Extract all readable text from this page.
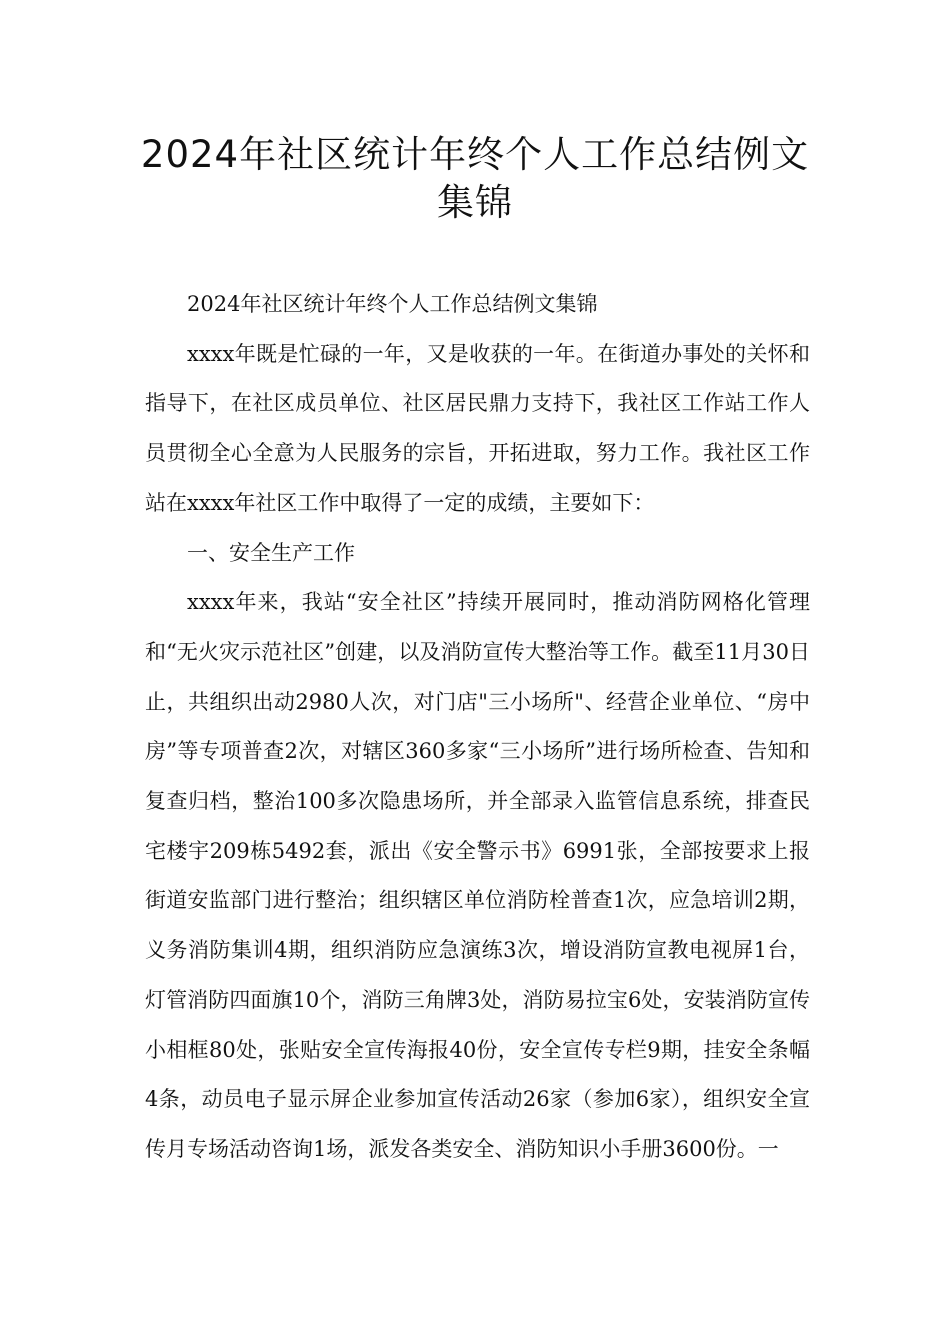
2024年社区统计年终个人工作总结例文
集锦

2024年社区统计年终个人工作总结例文集锦

xxxx年既是忙碌的一年，又是收获的一年。在街道办事处的关怀和指导下，在社区成员单位、社区居民鼎力支持下，我社区工作站工作人员贯彻全心全意为人民服务的宗旨，开拓进取，努力工作。我社区工作站在xxxx年社区工作中取得了一定的成绩，主要如下：

一、安全生产工作

xxxx年来，我站“安全社区”持续开展同时，推动消防网格化管理和“无火灾示范社区”创建，以及消防宣传大整治等工作。截至11月30日止，共组织出动2980人次，对门店"三小场所"、经营企业单位、“房中房”等专项普查2次，对辖区360多家“三小场所”进行场所检查、告知和复查归档，整治100多次隐患场所，并全部录入监管信息系统，排查民宅楼宇209栋5492套，派出《安全警示书》6991张，全部按要求上报街道安监部门进行整治；组织辖区单位消防栓普查1次，应急培训2期，义务消防集训4期，组织消防应急演练3次，增设消防宣教电视屏1台，灯管消防四面旗10个，消防三角牌3处，消防易拉宝6处，安装消防宣传小相框80处，张贴安全宣传海报40份，安全宣传专栏9期，挂安全条幅4条，动员电子显示屏企业参加宣传活动26家（参加6家），组织安全宣传月专场活动咨询1场，派发各类安全、消防知识小手册3600份。一
